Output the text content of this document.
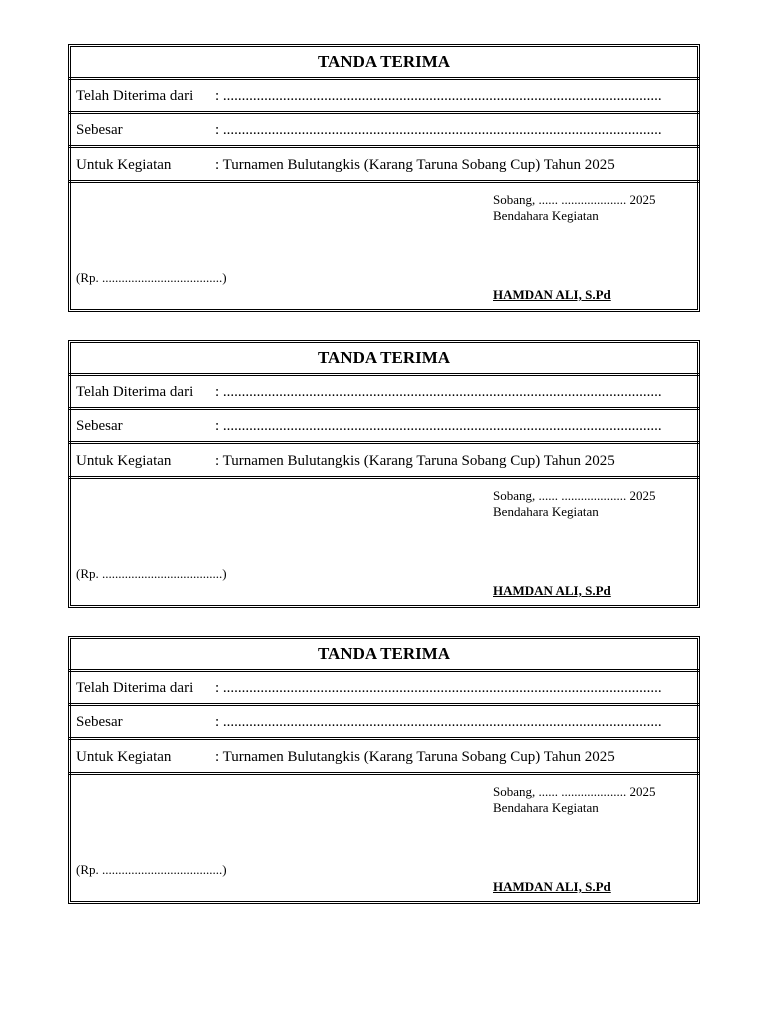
TANDA TERIMA
Telah Diterima dari : .....................................................................................................................
Sebesar	: .....................................................................................................................
Untuk Kegiatan	: Turnamen Bulutangkis (Karang Taruna Sobang Cup) Tahun 2025
Sobang, ...... .................... 2025
Bendahara Kegiatan
(Rp. .....................................)
HAMDAN ALI, S.Pd
TANDA TERIMA
Telah Diterima dari : .....................................................................................................................
Sebesar	: .....................................................................................................................
Untuk Kegiatan	: Turnamen Bulutangkis (Karang Taruna Sobang Cup) Tahun 2025
Sobang, ...... .................... 2025
Bendahara Kegiatan
(Rp. .....................................)
HAMDAN ALI, S.Pd
TANDA TERIMA
Telah Diterima dari : .....................................................................................................................
Sebesar	: .....................................................................................................................
Untuk Kegiatan	: Turnamen Bulutangkis (Karang Taruna Sobang Cup) Tahun 2025
Sobang, ...... .................... 2025
Bendahara Kegiatan
(Rp. .....................................)
HAMDAN ALI, S.Pd
